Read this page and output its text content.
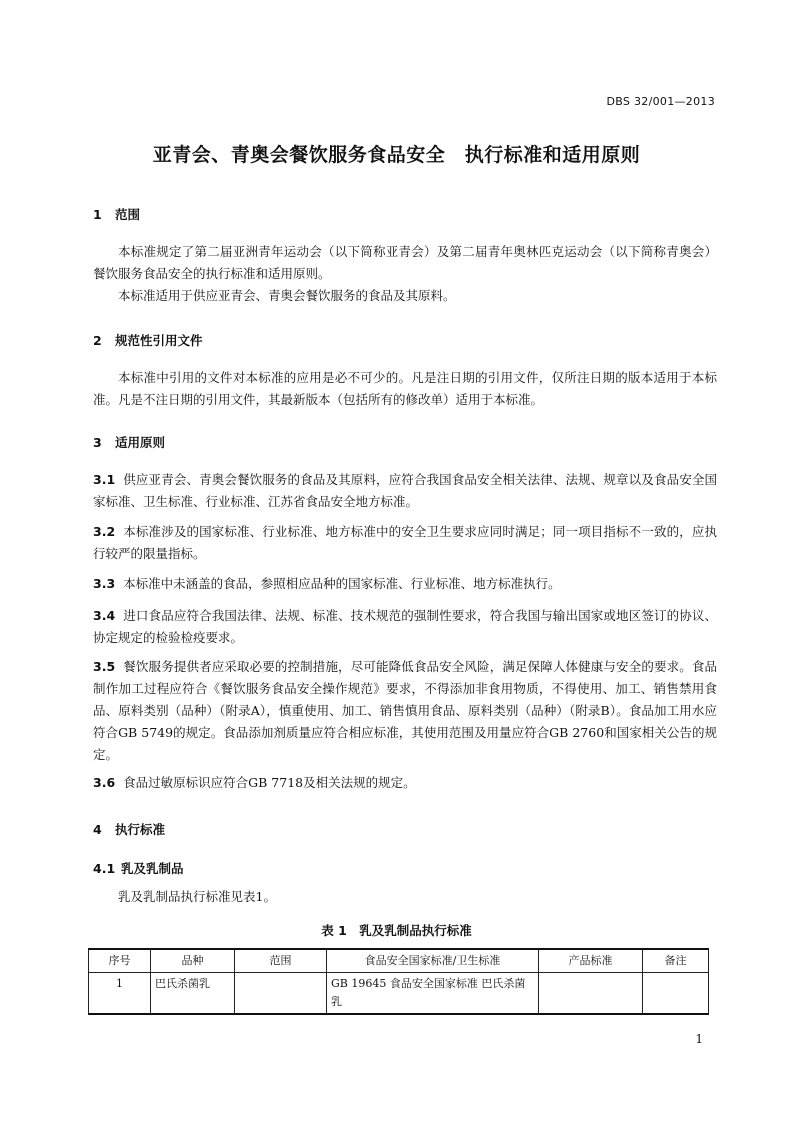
DBS 32/001—2013
亚青会、青奥会餐饮服务食品安全　执行标准和适用原则
1 范围
本标准规定了第二届亚洲青年运动会（以下简称亚青会）及第二届青年奥林匹克运动会（以下简称青奥会）餐饮服务食品安全的执行标准和适用原则。
本标准适用于供应亚青会、青奥会餐饮服务的食品及其原料。
2 规范性引用文件
本标准中引用的文件对本标准的应用是必不可少的。凡是注日期的引用文件，仅所注日期的版本适用于本标准。凡是不注日期的引用文件，其最新版本（包括所有的修改单）适用于本标准。
3 适用原则
3.1 供应亚青会、青奥会餐饮服务的食品及其原料，应符合我国食品安全相关法律、法规、规章以及食品安全国家标准、卫生标准、行业标准、江苏省食品安全地方标准。
3.2 本标准涉及的国家标准、行业标准、地方标准中的安全卫生要求应同时满足；同一项目指标不一致的，应执行较严的限量指标。
3.3 本标准中未涵盖的食品，参照相应品种的国家标准、行业标准、地方标准执行。
3.4 进口食品应符合我国法律、法规、标准、技术规范的强制性要求，符合我国与输出国家或地区签订的协议、协定规定的检验检疫要求。
3.5 餐饮服务提供者应采取必要的控制措施，尽可能降低食品安全风险，满足保障人体健康与安全的要求。食品制作加工过程应符合《餐饮服务食品安全操作规范》要求，不得添加非食用物质，不得使用、加工、销售禁用食品、原料类别（品种）（附录A），慎重使用、加工、销售慎用食品、原料类别（品种）（附录B）。食品加工用水应符合GB 5749的规定。食品添加剂质量应符合相应标准，其使用范围及用量应符合GB 2760和国家相关公告的规定。
3.6 食品过敏原标识应符合GB 7718及相关法规的规定。
4 执行标准
4.1 乳及乳制品
乳及乳制品执行标准见表1。
表 1　乳及乳制品执行标准
序号	品种	范围	食品安全国家标准/卫生标准	产品标准	备注
1	巴氏杀菌乳		GB 19645 食品安全国家标准 巴氏杀菌乳		
1
